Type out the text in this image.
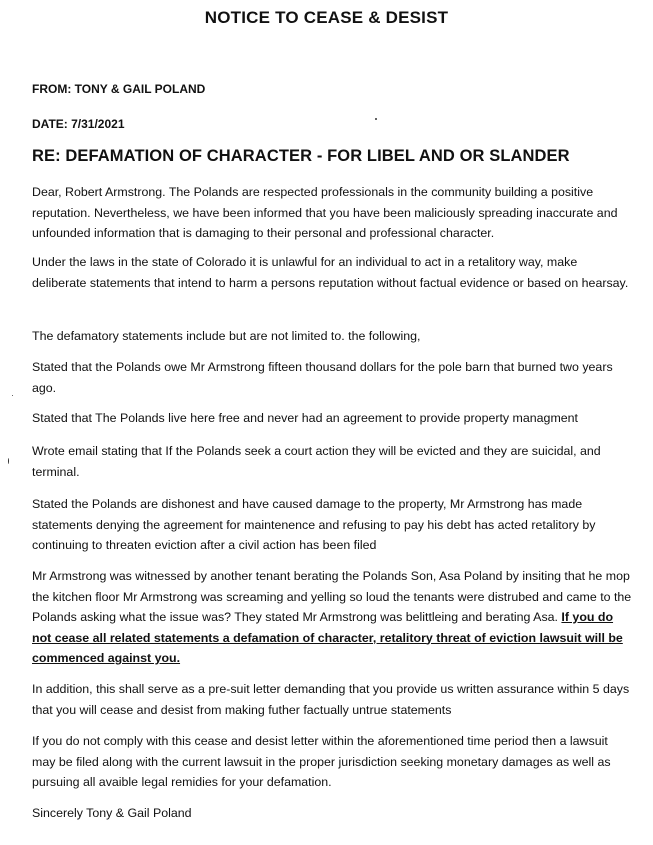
NOTICE TO CEASE & DESIST
FROM: TONY & GAIL POLAND
DATE: 7/31/2021
RE: DEFAMATION OF CHARACTER - FOR LIBEL AND OR SLANDER
Dear, Robert Armstrong. The Polands are respected professionals in the community building a positive reputation. Nevertheless, we have been informed that you have been maliciously spreading inaccurate and unfounded information that is damaging to their personal and professional character.
Under the laws in the state of Colorado it is unlawful for an individual to act in a retalitory way, make deliberate statements that intend to harm a persons reputation without factual evidence or based on hearsay.
The defamatory statements include but are not limited to. the following,
Stated that the Polands owe Mr Armstrong fifteen thousand dollars for the pole barn that burned two years ago.
Stated that The Polands live here free and never had an agreement to provide property managment
Wrote email stating that If the Polands seek a court action they will be evicted and they are suicidal, and terminal.
Stated the Polands are dishonest and have caused damage to the property, Mr Armstrong has made statements denying the agreement for maintenence and refusing to pay his debt has acted retalitory by continuing to threaten eviction after a civil action has been filed
Mr Armstrong was witnessed by another tenant berating the Polands Son, Asa Poland by insiting that he mop the kitchen floor Mr Armstrong was screaming and yelling so loud the tenants were distrubed and came to the Polands asking what the issue was? They stated Mr Armstrong was belittleing and berating Asa. If you do not cease all related statements a defamation of character, retalitory threat of eviction lawsuit will be commenced against you.
In addition, this shall serve as a pre-suit letter demanding that you provide us written assurance within 5 days that you will cease and desist from making futher factually untrue statements
If you do not comply with this cease and desist letter within the aforementioned time period then a lawsuit may be filed along with the current lawsuit in the proper jurisdiction seeking monetary damages as well as pursuing all avaible legal remidies for your defamation.
Sincerely Tony & Gail Poland
